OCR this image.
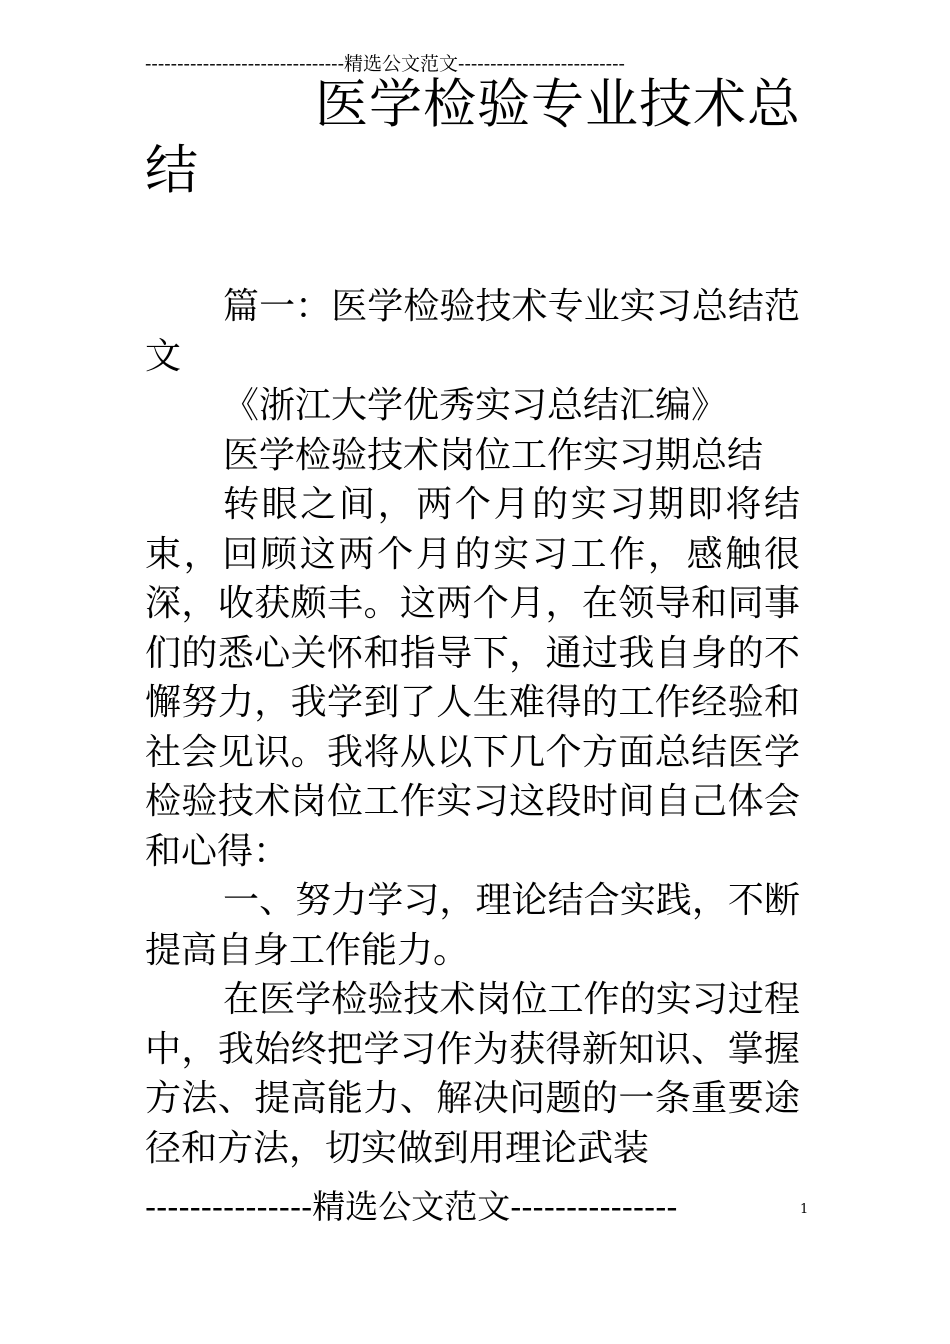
-------------------------------精选公文范文--------------------------
医学检验专业技术总结

篇一：医学检验技术专业实习总结范文

《浙江大学优秀实习总结汇编》

医学检验技术岗位工作实习期总结

转眼之间，两个月的实习期即将结束，回顾这两个月的实习工作，感触很深，收获颇丰。这两个月，在领导和同事们的悉心关怀和指导下，通过我自身的不懈努力，我学到了人生难得的工作经验和社会见识。我将从以下几个方面总结医学检验技术岗位工作实习这段时间自己体会和心得：

一、努力学习，理论结合实践，不断提高自身工作能力。

在医学检验技术岗位工作的实习过程中，我始终把学习作为获得新知识、掌握方法、提高能力、解决问题的一条重要途径和方法，切实做到用理论武装

---------------精选公文范文---------------	1
